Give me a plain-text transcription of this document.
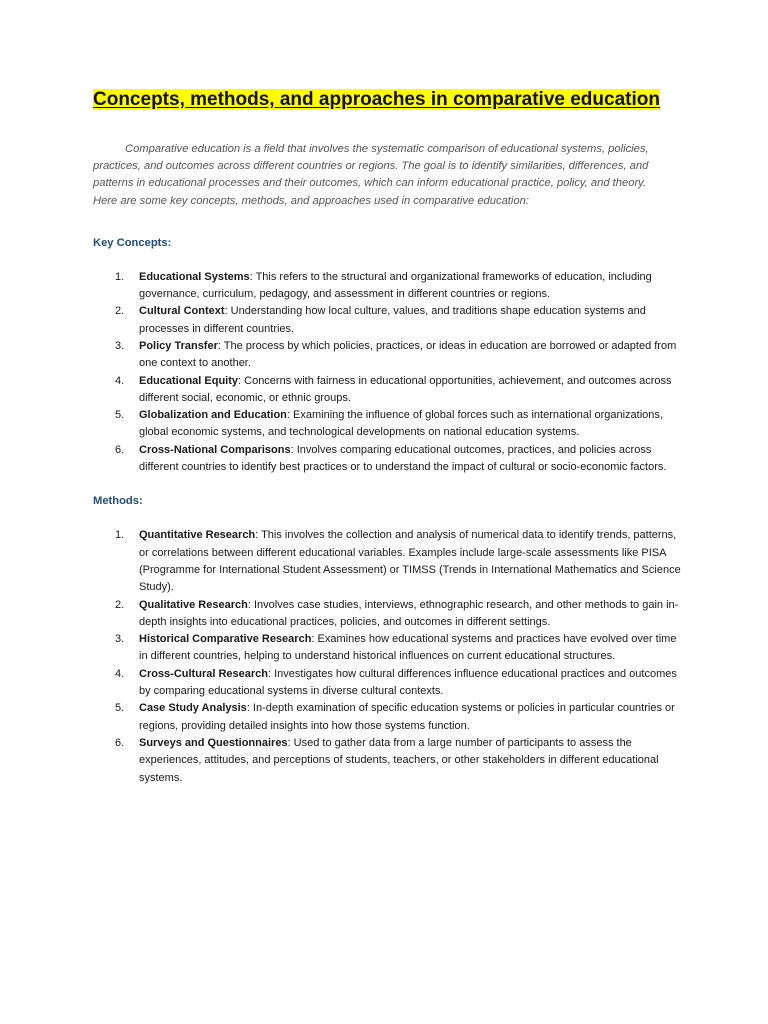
Concepts, methods, and approaches in comparative education

Comparative education is a field that involves the systematic comparison of educational systems, policies, practices, and outcomes across different countries or regions. The goal is to identify similarities, differences, and patterns in educational processes and their outcomes, which can inform educational practice, policy, and theory. Here are some key concepts, methods, and approaches used in comparative education:

Key Concepts:
1. Educational Systems: This refers to the structural and organizational frameworks of education, including governance, curriculum, pedagogy, and assessment in different countries or regions.
2. Cultural Context: Understanding how local culture, values, and traditions shape education systems and processes in different countries.
3. Policy Transfer: The process by which policies, practices, or ideas in education are borrowed or adapted from one context to another.
4. Educational Equity: Concerns with fairness in educational opportunities, achievement, and outcomes across different social, economic, or ethnic groups.
5. Globalization and Education: Examining the influence of global forces such as international organizations, global economic systems, and technological developments on national education systems.
6. Cross-National Comparisons: Involves comparing educational outcomes, practices, and policies across different countries to identify best practices or to understand the impact of cultural or socio-economic factors.
Methods:
1. Quantitative Research: This involves the collection and analysis of numerical data to identify trends, patterns, or correlations between different educational variables. Examples include large-scale assessments like PISA (Programme for International Student Assessment) or TIMSS (Trends in International Mathematics and Science Study).
2. Qualitative Research: Involves case studies, interviews, ethnographic research, and other methods to gain in-depth insights into educational practices, policies, and outcomes in different settings.
3. Historical Comparative Research: Examines how educational systems and practices have evolved over time in different countries, helping to understand historical influences on current educational structures.
4. Cross-Cultural Research: Investigates how cultural differences influence educational practices and outcomes by comparing educational systems in diverse cultural contexts.
5. Case Study Analysis: In-depth examination of specific education systems or policies in particular countries or regions, providing detailed insights into how those systems function.
6. Surveys and Questionnaires: Used to gather data from a large number of participants to assess the experiences, attitudes, and perceptions of students, teachers, or other stakeholders in different educational systems.
